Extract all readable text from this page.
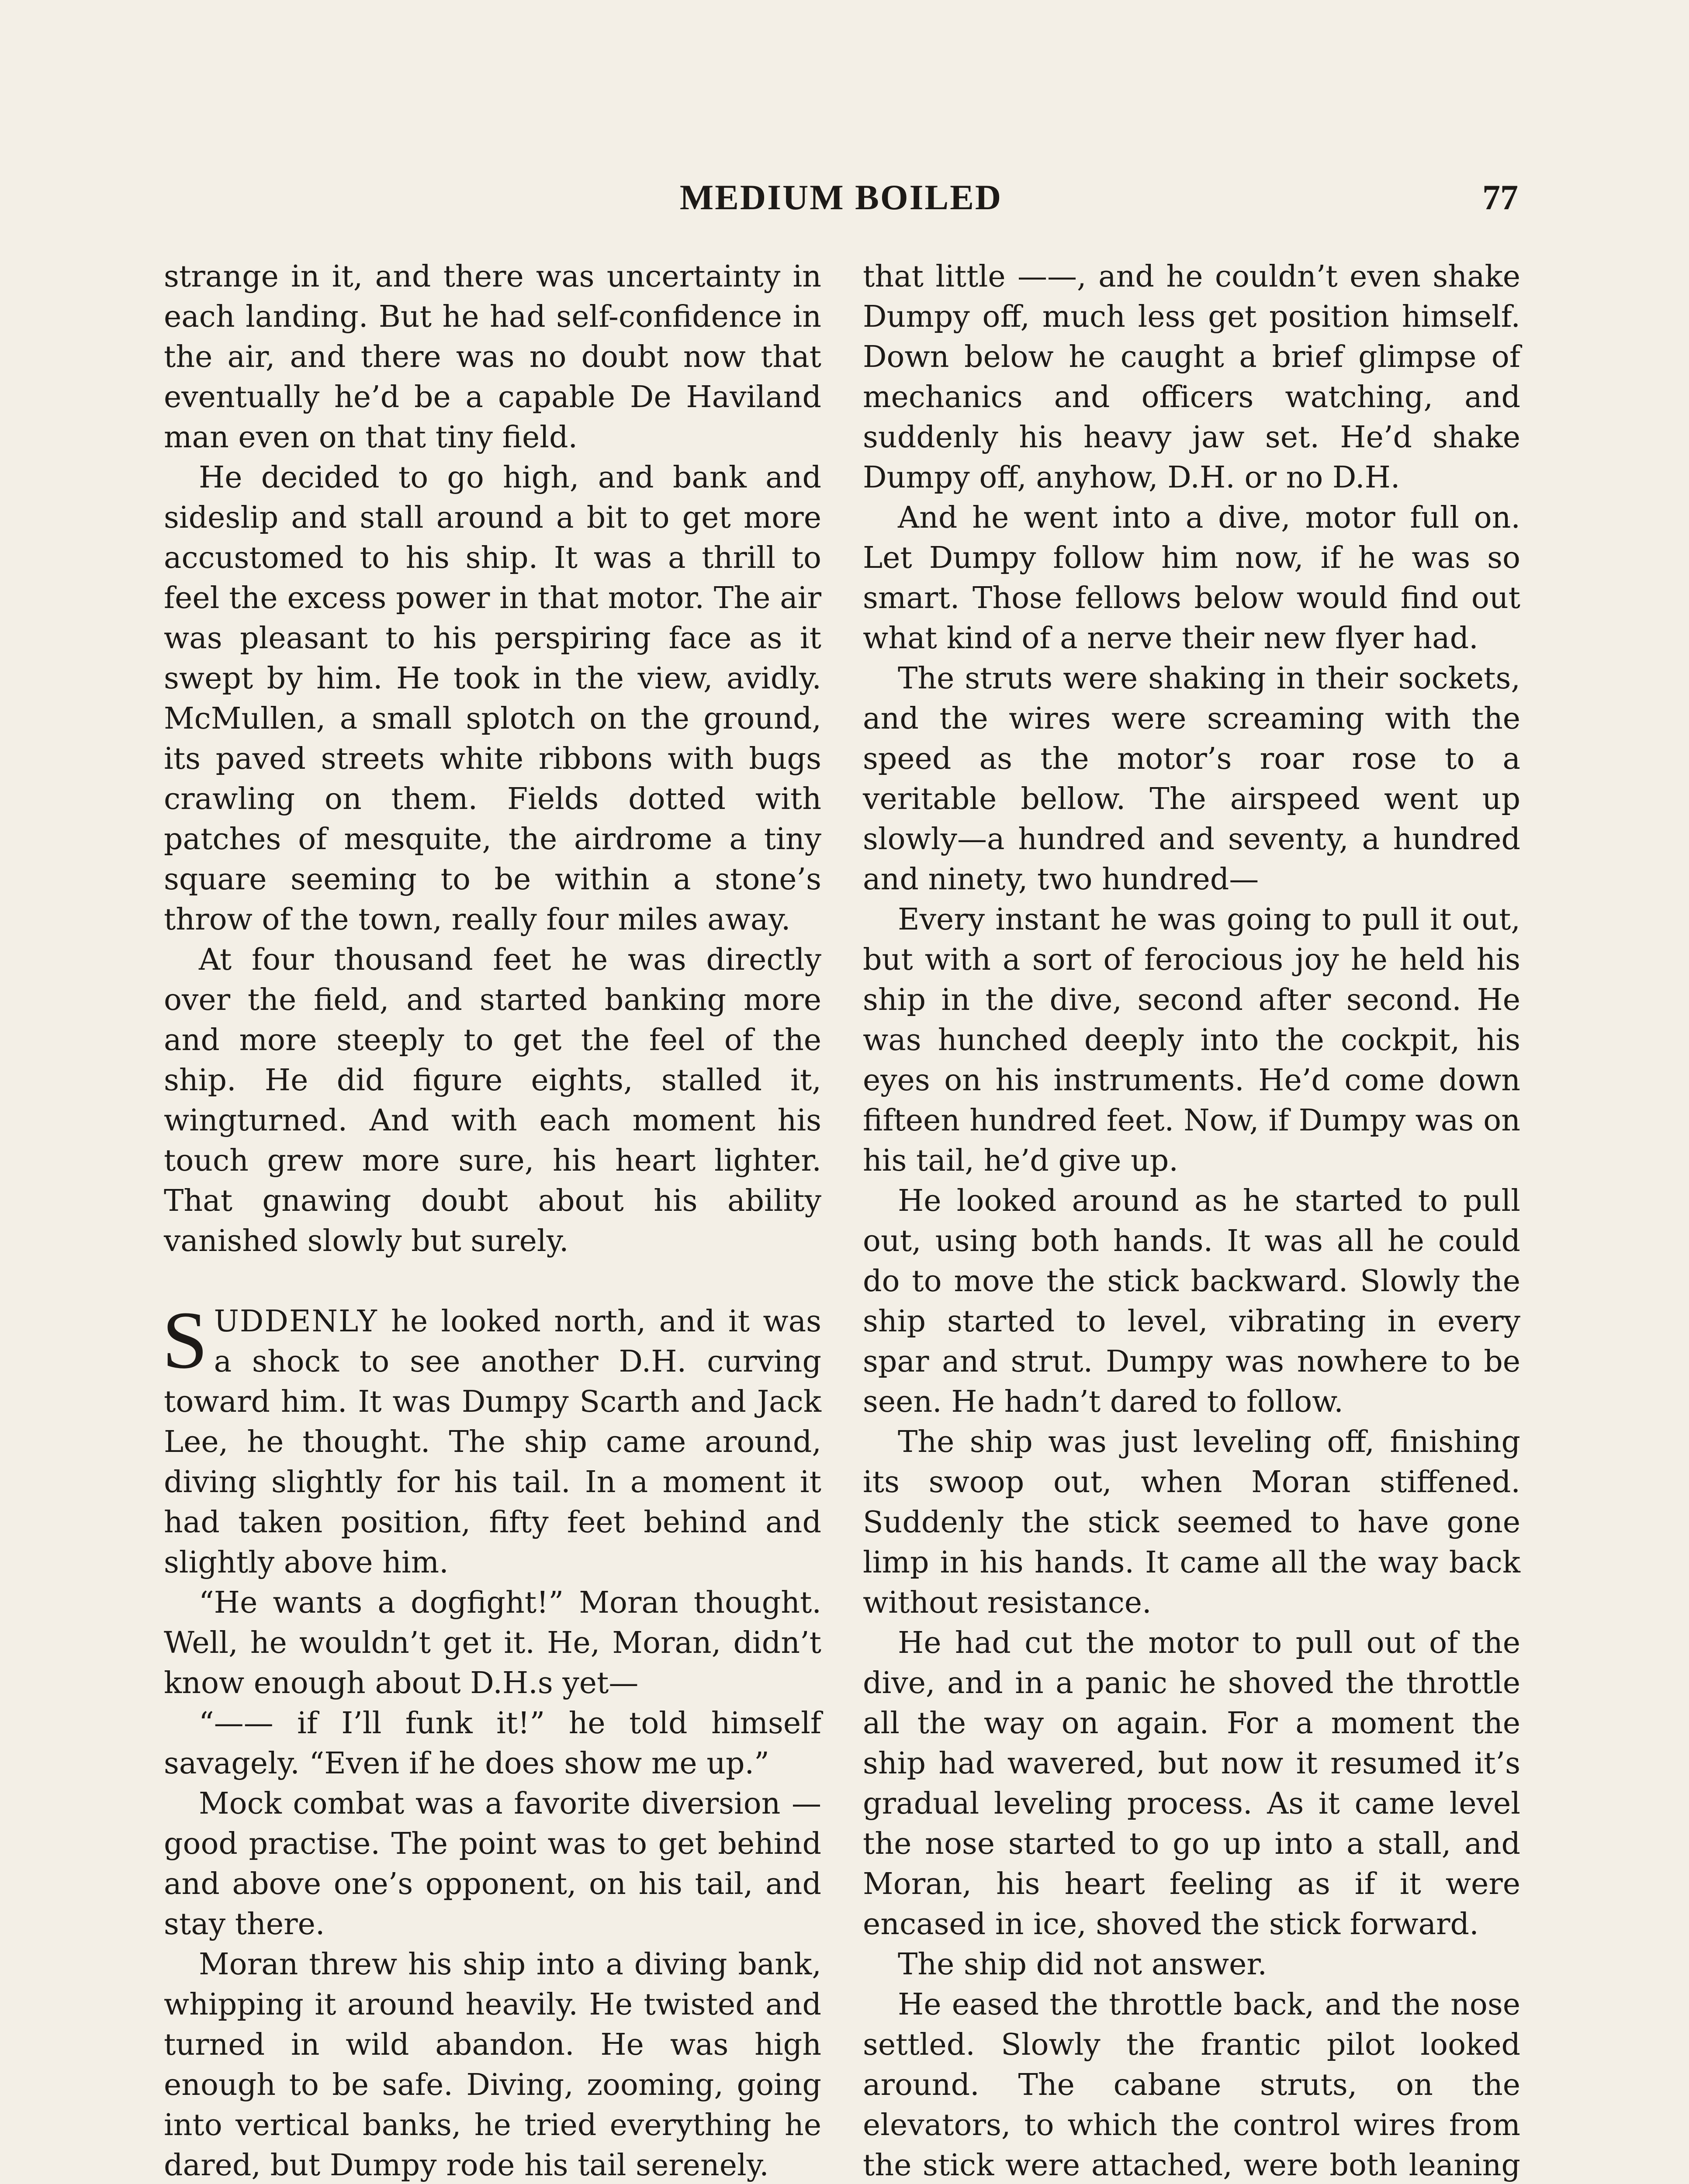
MEDIUM BOILED	77

strange in it, and there was uncertainty in each landing. But he had self-confidence in the air, and there was no doubt now that eventually he’d be a capable De Haviland man even on that tiny field.

He decided to go high, and bank and sideslip and stall around a bit to get more accustomed to his ship. It was a thrill to feel the excess power in that motor. The air was pleasant to his perspiring face as it swept by him. He took in the view, avidly. McMullen, a small splotch on the ground, its paved streets white ribbons with bugs crawling on them. Fields dotted with patches of mesquite, the airdrome a tiny square seeming to be within a stone’s throw of the town, really four miles away.

At four thousand feet he was directly over the field, and started banking more and more steeply to get the feel of the ship. He did figure eights, stalled it, wingturned. And with each moment his touch grew more sure, his heart lighter. That gnawing doubt about his ability vanished slowly but surely.

SUDDENLY he looked north, and it was a shock to see another D.H. curving toward him. It was Dumpy Scarth and Jack Lee, he thought. The ship came around, diving slightly for his tail. In a moment it had taken position, fifty feet behind and slightly above him.

“He wants a dogfight!” Moran thought. Well, he wouldn’t get it. He, Moran, didn’t know enough about D.H.s yet—

“—— if I’ll funk it!” he told himself savagely. “Even if he does show me up.”

Mock combat was a favorite diversion —good practise. The point was to get behind and above one’s opponent, on his tail, and stay there.

Moran threw his ship into a diving bank, whipping it around heavily. He twisted and turned in wild abandon. He was high enough to be safe. Diving, zooming, going into vertical banks, he tried everything he dared, but Dumpy rode his tail serenely.

that little ——, and he couldn’t even shake Dumpy off, much less get position himself. Down below he caught a brief glimpse of mechanics and officers watching, and suddenly his heavy jaw set. He’d shake Dumpy off, anyhow, D.H. or no D.H.

And he went into a dive, motor full on. Let Dumpy follow him now, if he was so smart. Those fellows below would find out what kind of a nerve their new flyer had.

The struts were shaking in their sockets, and the wires were screaming with the speed as the motor’s roar rose to a veritable bellow. The airspeed went up slowly—a hundred and seventy, a hundred and ninety, two hundred—

Every instant he was going to pull it out, but with a sort of ferocious joy he held his ship in the dive, second after second. He was hunched deeply into the cockpit, his eyes on his instruments. He’d come down fifteen hundred feet. Now, if Dumpy was on his tail, he’d give up.

He looked around as he started to pull out, using both hands. It was all he could do to move the stick backward. Slowly the ship started to level, vibrating in every spar and strut. Dumpy was nowhere to be seen. He hadn’t dared to follow.

The ship was just leveling off, finishing its swoop out, when Moran stiffened. Suddenly the stick seemed to have gone limp in his hands. It came all the way back without resistance.

He had cut the motor to pull out of the dive, and in a panic he shoved the throttle all the way on again. For a moment the ship had wavered, but now it resumed it’s gradual leveling process. As it came level the nose started to go up into a stall, and Moran, his heart feeling as if it were encased in ice, shoved the stick forward.

The ship did not answer.

He eased the throttle back, and the nose settled. Slowly the frantic pilot looked around. The cabane struts, on the elevators, to which the control wires from the stick were attached, were both leaning
